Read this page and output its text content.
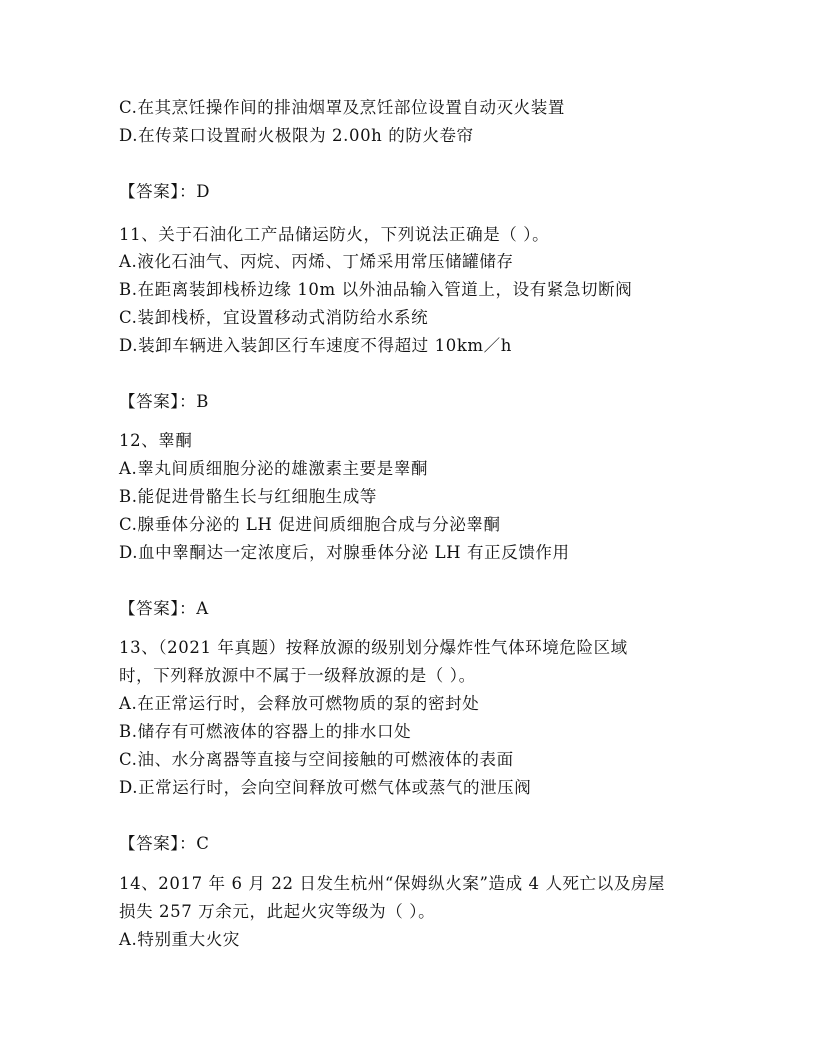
C.在其烹饪操作间的排油烟罩及烹饪部位设置自动灭火装置
D.在传菜口设置耐火极限为 2.00h 的防火卷帘
【答案】：D
11、关于石油化工产品储运防火，下列说法正确是（ ）。
A.液化石油气、丙烷、丙烯、丁烯采用常压储罐储存
B.在距离装卸栈桥边缘 10m 以外油品输入管道上，设有紧急切断阀
C.装卸栈桥，宜设置移动式消防给水系统
D.装卸车辆进入装卸区行车速度不得超过 10km／h
【答案】：B
12、睾酮
A.睾丸间质细胞分泌的雄激素主要是睾酮
B.能促进骨骼生长与红细胞生成等
C.腺垂体分泌的 LH 促进间质细胞合成与分泌睾酮
D.血中睾酮达一定浓度后，对腺垂体分泌 LH 有正反馈作用
【答案】：A
13、（2021 年真题）按释放源的级别划分爆炸性气体环境危险区域
时，下列释放源中不属于一级释放源的是（ ）。
A.在正常运行时，会释放可燃物质的泵的密封处
B.储存有可燃液体的容器上的排水口处
C.油、水分离器等直接与空间接触的可燃液体的表面
D.正常运行时，会向空间释放可燃气体或蒸气的泄压阀
【答案】：C
14、2017 年 6 月 22 日发生杭州“保姆纵火案”造成 4 人死亡以及房屋
损失 257 万余元，此起火灾等级为（ ）。
A.特别重大火灾
